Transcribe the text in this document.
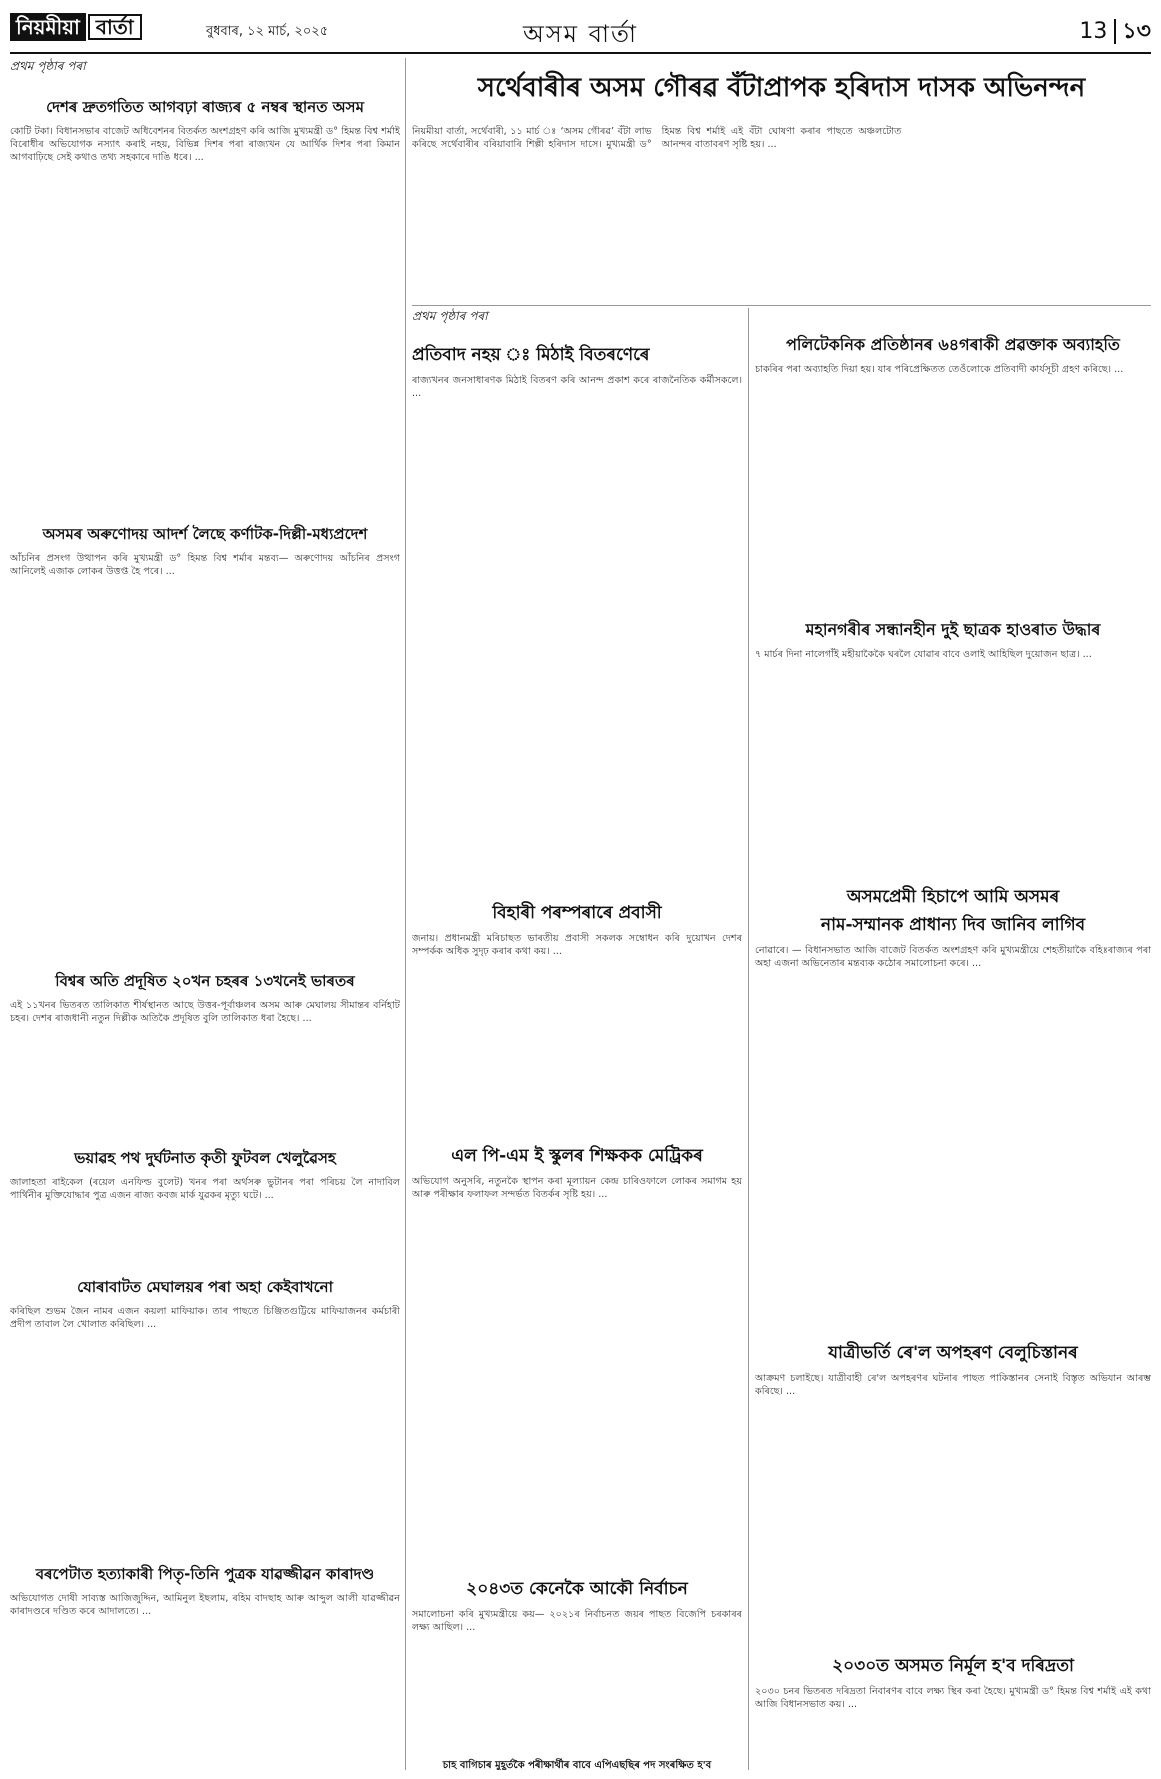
নিয়মীয়া বার্তা	বুধবাৰ, ১২ মাৰ্চ, ২০২৫	অসম বাৰ্তা	13 ১৩
প্ৰথম পৃষ্ঠাৰ পৰা
দেশৰ দ্ৰুতগতিত আগবঢ়া ৰাজ্যৰ ৫ নম্বৰ স্থানত অসম
কোটি টকা। বিধানসভাৰ বাজেট অধিবেশনৰ বিতৰ্কত অংশগ্ৰহণ কৰি আজি মুখ্যমন্ত্ৰী ড° হিমন্ত বিশ্ব শৰ্মাই বিৰোধীৰ অভিযোগক নস্যাৎ কৰাই নহয়, বিভিন্ন দিশৰ পৰা ৰাজ্যখন যে আৰ্থিক দিশৰ পৰা কিমান আগবাঢ়িছে সেই কথাও তথ্য সহকাৰে দাঙি ধৰে। ...
অসমৰ অৰুণোদয় আদৰ্শ লৈছে কৰ্ণাটক-দিল্লী-মধ্যপ্ৰদেশ
আঁচনিৰ প্ৰসংগ উত্থাপন কৰি মুখ্যমন্ত্ৰী ড° হিমন্ত বিশ্ব শৰ্মাৰ মন্তব্য— অৰুণোদয় আঁচনিৰ প্ৰসংগ আনিলেই এজাক লোকৰ উত্তপ্ত হৈ পৰে। ...
বিশ্বৰ অতি প্ৰদূষিত ২০খন চহৰৰ ১৩খনেই ভাৰতৰ
এই ১১খনৰ ভিতৰত তালিকাত শীৰ্ষস্থানত আছে উত্তৰ-পূৰ্বাঞ্চলৰ অসম আৰু মেঘালয় সীমান্তৰ বৰ্নিহাট চহৰ। দেশৰ ৰাজধানী নতুন দিল্লীক অতিকৈ প্ৰদূষিত বুলি তালিকাত ধৰা হৈছে। ...
ভয়াৱহ পথ দুৰ্ঘটনাত কৃতী ফুটবল খেলুৱৈসহ
জালাহতা ৰাইকেল (ৰয়েল এনফিল্ড বুলেট) খনৰ পৰা অৰ্থসৰু ভুটানৰ পৰা পৰিচয় লৈ নাদাবিল পাৰ্থিনীৰ মুক্তিযোদ্ধাৰ পুত্ৰ এজন ৰাজ্য কবজ মাৰ্ক যুৱকৰ মৃত্যু ঘটে। ...
যোৰাবাটত মেঘালয়ৰ পৰা অহা কেইবাখনো
কৰিছিল শুভম জৈন নামৰ এজন কয়লা মাফিয়াক। তাৰ পাছতে চিঞ্জিতগুট্টিয়ে মাফিয়াজনৰ কৰ্মচাৰী প্ৰদীপ তাবাল লৈ খোলাত কৰিছিল। ...
বৰপেটাত হত্যাকাৰী পিতৃ-তিনি পুত্ৰক যাৱজ্জীৱন কাৰাদণ্ড
অভিযোগত দোষী সাব্যস্ত আজিজুদ্দিন, আমিনুল ইছলাম, ৰহিম বাদছাহ আৰু আব্দুল আলী যাৱজ্জীৱন কাৰাদণ্ডৰে দণ্ডিত কৰে আদালতে। ...
সৰ্থেবাৰীৰ অসম গৌৰৱ বঁটাপ্ৰাপক হৰিদাস দাসক অভিনন্দন
নিয়মীয়া বাৰ্তা, সৰ্থেবাৰী, ১১ মাৰ্চ ঃ ‘অসম গৌৰৱ’ বঁটা লাভ কৰিছে সৰ্থেবাৰীৰ বৰিয়াবাৰি শিল্পী হৰিদাস দাসে। মুখ্যমন্ত্ৰী ড° হিমন্ত বিশ্ব শৰ্মাই এই বঁটা ঘোষণা কৰাৰ পাছতে অঞ্চলটোত আনন্দৰ বাতাবৰণ সৃষ্টি হয়। ...
প্ৰথম পৃষ্ঠাৰ পৰা
প্ৰতিবাদ নহয় ঃ মিঠাই বিতৰণেৰে
ৰাজ্যখনৰ জনসাধাৰণক মিঠাই বিতৰণ কৰি আনন্দ প্ৰকাশ কৰে ৰাজনৈতিক কৰ্মীসকলে। ...
বিহাৰী পৰম্পৰাৰে প্ৰবাসী
জনায়। প্ৰধানমন্ত্ৰী মৰিচাছত ভাৰতীয় প্ৰবাসী সকলক সম্বোধন কৰি দুয়োখন দেশৰ সম্পৰ্কক অধিক সুদৃঢ় কৰাৰ কথা কয়। ...
এল পি-এম ই স্কুলৰ শিক্ষকক মেট্ৰিকৰ
অভিযোগ অনুসৰি, নতুনকৈ স্থাপন কৰা মূল্যায়ন কেন্দ্ৰ চাৰিওফালে লোকৰ সমাগম হয় আৰু পৰীক্ষাৰ ফলাফল সন্দৰ্ভত বিতৰ্কৰ সৃষ্টি হয়। ...
২০৪৩ত কেনেকৈ আকৌ নিৰ্বাচন
সমালোচনা কৰি মুখ্যমন্ত্ৰীয়ে কয়— ২০২১ৰ নিৰ্বাচনত জয়ৰ পাছত বিজেপি চৰকাৰৰ লক্ষ্য আছিল। ...
চাহ বাগিচাৰ মুহূৰ্তকৈ পৰীক্ষাৰ্থীৰ বাবে এপিএছছিৰ পদ সংৰক্ষিত হ'ব
পলিটেকনিক প্ৰতিষ্ঠানৰ ৬৪গৰাকী প্ৰৱক্তাক অব্যাহতি
চাকৰিৰ পৰা অব্যাহতি দিয়া হয়। যাৰ পৰিপ্ৰেক্ষিতত তেওঁলোকে প্ৰতিবাদী কাৰ্যসূচী গ্ৰহণ কৰিছে। ...
মহানগৰীৰ সন্ধানহীন দুই ছাত্ৰক হাওৰাত উদ্ধাৰ
৭ মাৰ্চৰ দিনা নালেগাঁই মহীয়াকৈকৈ ঘৰলৈ যোৱাৰ বাবে ওলাই আহিছিল দুয়োজন ছাত্ৰ। ...
অসমপ্ৰেমী হিচাপে আমি অসমৰ
নাম-সম্মানক প্ৰাধান্য দিব জানিব লাগিব
নোৱাৰে। — বিধানসভাত আজি বাজেট বিতৰ্কত অংশগ্ৰহণ কৰি মুখ্যমন্ত্ৰীয়ে শেহতীয়াকৈ বহিঃৰাজ্যৰ পৰা অহা এজনা অভিনেতাৰ মন্তব্যক কঠোৰ সমালোচনা কৰে। ...
যাত্ৰীভৰ্তি ৰে'ল অপহৰণ বেলুচিস্তানৰ
আক্ৰমণ চলাইছে। যাত্ৰীবাহী ৰে'ল অপহৰণৰ ঘটনাৰ পাছত পাকিস্তানৰ সেনাই বিস্তৃত অভিযান আৰম্ভ কৰিছে। ...
২০৩০ত অসমত নিৰ্মূল হ'ব দৰিদ্ৰতা
২০৩০ চনৰ ভিতৰত দৰিদ্ৰতা নিবাৰণৰ বাবে লক্ষ্য স্থিৰ কৰা হৈছে। মুখ্যমন্ত্ৰী ড° হিমন্ত বিশ্ব শৰ্মাই এই কথা আজি বিধানসভাত কয়। ...
